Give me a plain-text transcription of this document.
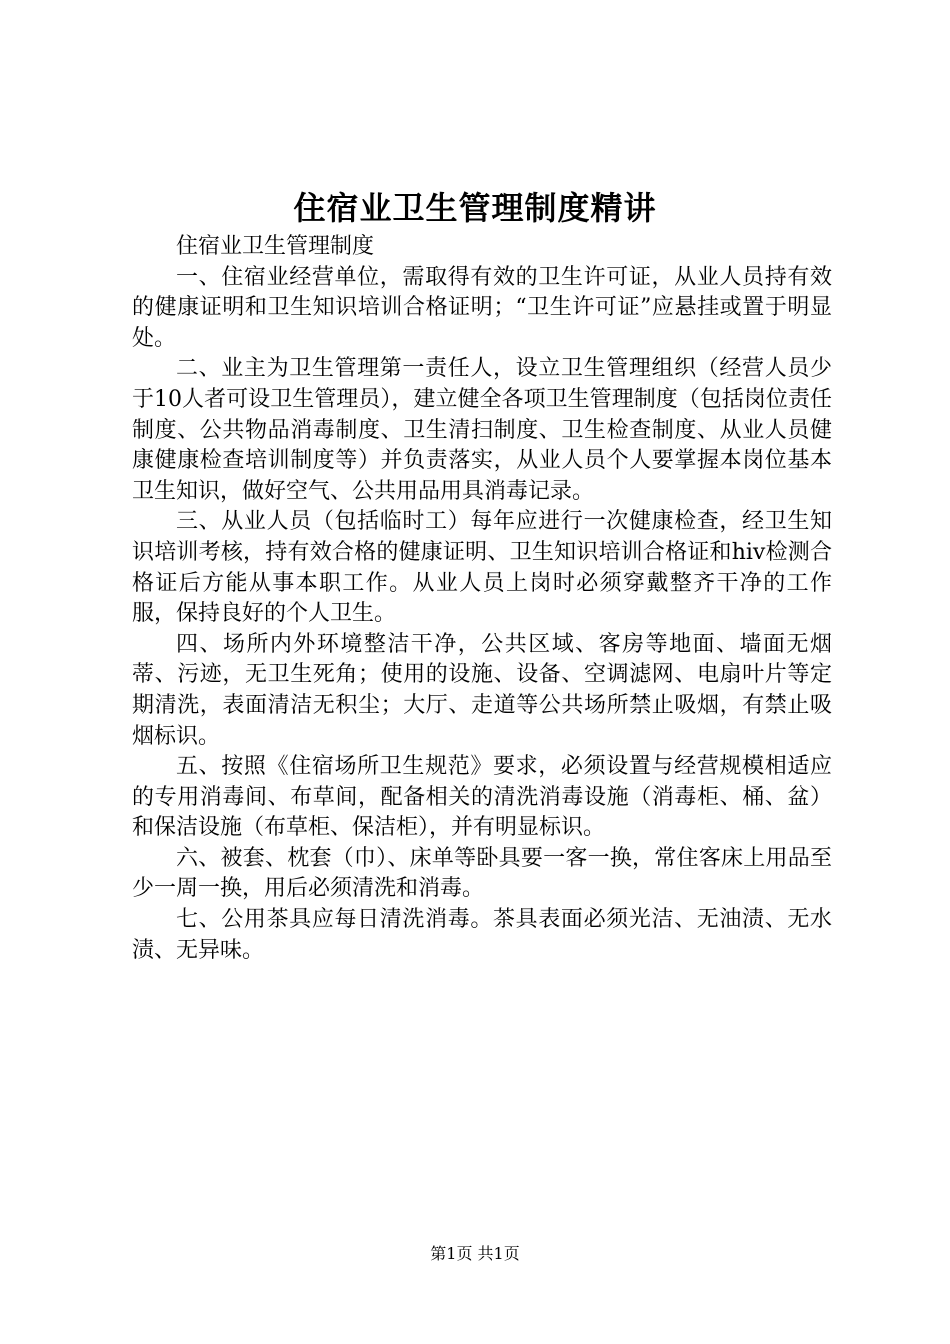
住宿业卫生管理制度精讲

住宿业卫生管理制度

一、住宿业经营单位，需取得有效的卫生许可证，从业人员持有效的健康证明和卫生知识培训合格证明；“卫生许可证”应悬挂或置于明显处。

二、业主为卫生管理第一责任人，设立卫生管理组织（经营人员少于10人者可设卫生管理员），建立健全各项卫生管理制度（包括岗位责任制度、公共物品消毒制度、卫生清扫制度、卫生检查制度、从业人员健康健康检查培训制度等）并负责落实，从业人员个人要掌握本岗位基本卫生知识，做好空气、公共用品用具消毒记录。

三、从业人员（包括临时工）每年应进行一次健康检查，经卫生知识培训考核，持有效合格的健康证明、卫生知识培训合格证和hiv检测合格证后方能从事本职工作。从业人员上岗时必须穿戴整齐干净的工作服，保持良好的个人卫生。

四、场所内外环境整洁干净，公共区域、客房等地面、墙面无烟蒂、污迹，无卫生死角；使用的设施、设备、空调滤网、电扇叶片等定期清洗，表面清洁无积尘；大厅、走道等公共场所禁止吸烟，有禁止吸烟标识。

五、按照《住宿场所卫生规范》要求，必须设置与经营规模相适应的专用消毒间、布草间，配备相关的清洗消毒设施（消毒柜、桶、盆）和保洁设施（布草柜、保洁柜），并有明显标识。

六、被套、枕套（巾）、床单等卧具要一客一换，常住客床上用品至少一周一换，用后必须清洗和消毒。

七、公用茶具应每日清洗消毒。茶具表面必须光洁、无油渍、无水渍、无异味。

第1页 共1页
